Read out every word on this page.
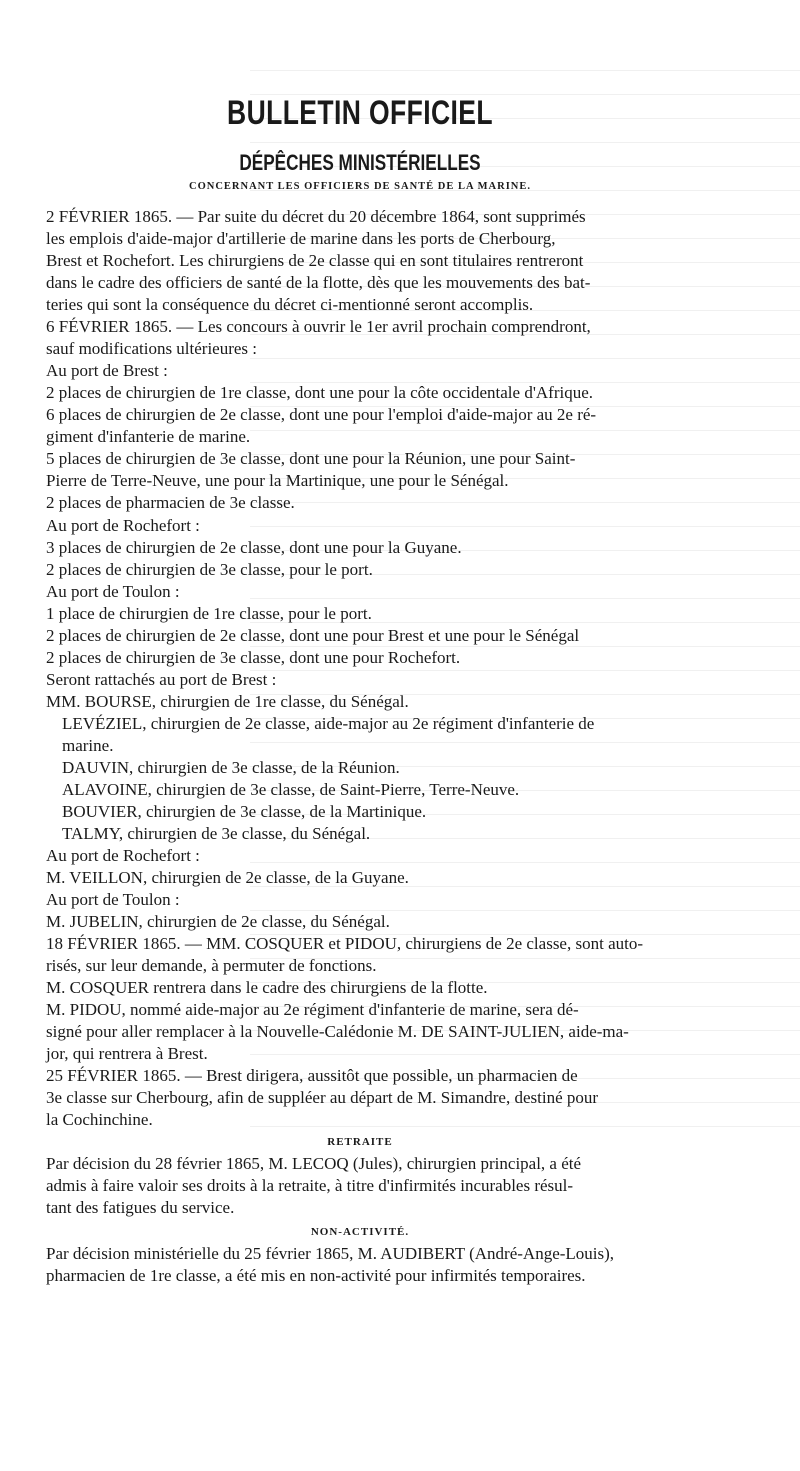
BULLETIN OFFICIEL
DÉPÊCHES MINISTÉRIELLES
CONCERNANT LES OFFICIERS DE SANTÉ DE LA MARINE.
2 FÉVRIER 1865. — Par suite du décret du 20 décembre 1864, sont supprimés
les emplois d'aide-major d'artillerie de marine dans les ports de Cherbourg,
Brest et Rochefort. Les chirurgiens de 2e classe qui en sont titulaires rentreront
dans le cadre des officiers de santé de la flotte, dès que les mouvements des bat-
teries qui sont la conséquence du décret ci-mentionné seront accomplis.
6 FÉVRIER 1865. — Les concours à ouvrir le 1er avril prochain comprendront,
sauf modifications ultérieures :
Au port de Brest :
2 places de chirurgien de 1re classe, dont une pour la côte occidentale d'Afrique.
6 places de chirurgien de 2e classe, dont une pour l'emploi d'aide-major au 2e ré-
giment d'infanterie de marine.
5 places de chirurgien de 3e classe, dont une pour la Réunion, une pour Saint-
Pierre de Terre-Neuve, une pour la Martinique, une pour le Sénégal.
2 places de pharmacien de 3e classe.
Au port de Rochefort :
3 places de chirurgien de 2e classe, dont une pour la Guyane.
2 places de chirurgien de 3e classe, pour le port.
Au port de Toulon :
1 place de chirurgien de 1re classe, pour le port.
2 places de chirurgien de 2e classe, dont une pour Brest et une pour le Sénégal
2 places de chirurgien de 3e classe, dont une pour Rochefort.
Seront rattachés au port de Brest :
MM. BOURSE, chirurgien de 1re classe, du Sénégal.
LEVÉZIEL, chirurgien de 2e classe, aide-major au 2e régiment d'infanterie de
marine.
DAUVIN, chirurgien de 3e classe, de la Réunion.
ALAVOINE, chirurgien de 3e classe, de Saint-Pierre, Terre-Neuve.
BOUVIER, chirurgien de 3e classe, de la Martinique.
TALMY, chirurgien de 3e classe, du Sénégal.
Au port de Rochefort :
M. VEILLON, chirurgien de 2e classe, de la Guyane.
Au port de Toulon :
M. JUBELIN, chirurgien de 2e classe, du Sénégal.
18 FÉVRIER 1865. — MM. COSQUER et PIDOU, chirurgiens de 2e classe, sont auto-
risés, sur leur demande, à permuter de fonctions.
M. COSQUER rentrera dans le cadre des chirurgiens de la flotte.
M. PIDOU, nommé aide-major au 2e régiment d'infanterie de marine, sera dé-
signé pour aller remplacer à la Nouvelle-Calédonie M. DE SAINT-JULIEN, aide-ma-
jor, qui rentrera à Brest.
25 FÉVRIER 1865. — Brest dirigera, aussitôt que possible, un pharmacien de
3e classe sur Cherbourg, afin de suppléer au départ de M. Simandre, destiné pour
la Cochinchine.
RETRAITE
Par décision du 28 février 1865, M. LECOQ (Jules), chirurgien principal, a été
admis à faire valoir ses droits à la retraite, à titre d'infirmités incurables résul-
tant des fatigues du service.
NON-ACTIVITÉ.
Par décision ministérielle du 25 février 1865, M. AUDIBERT (André-Ange-Louis),
pharmacien de 1re classe, a été mis en non-activité pour infirmités temporaires.
